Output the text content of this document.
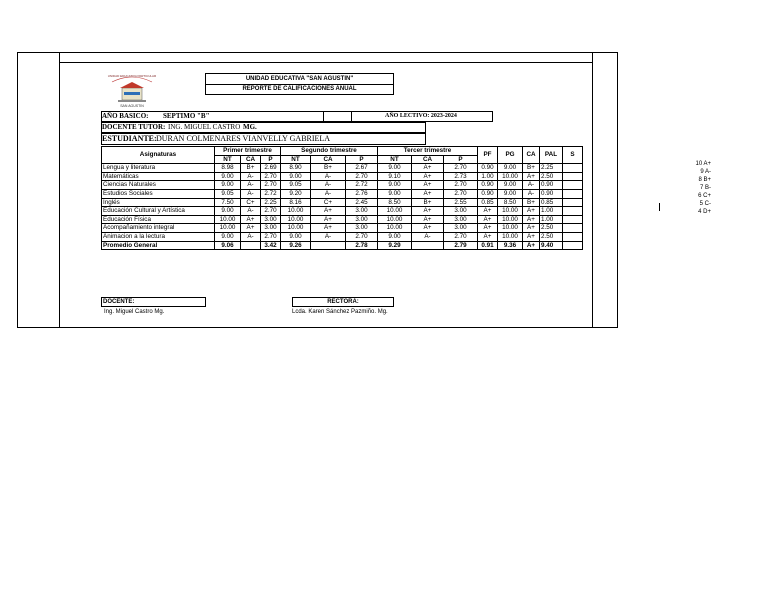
UNIDAD EDUCATIVA PARTICULAR
SAN AGUSTIN
UNIDAD EDUCATIVA "SAN AGUSTIN"
REPORTE DE CALIFICACIONES ANUAL
AÑO BASICO: SEPTIMO "B"	AÑO LECTIVO: 2023-2024
DOCENTE TUTOR: ING. MIGUEL CASTRO MG.
ESTUDIANTE: DURAN COLMENARES VIANVELLY GABRIELA
Asignaturas	Primer trimestre			Segundo trimestre			Tercer trimestre			PF	PG	CA	PAL	S
	NT	CA	P	NT	CA	P	NT	CA	P					
Lengua y literatura	8.98	B+	2.69	8.90	B+	2.67	9.00	A+	2.70	0.90	9.00	B+	2.25	
Matemáticas	9.00	A-	2.70	9.00	A-	2.70	9.10	A+	2.73	1.00	10.00	A+	2.50	
Ciencias Naturales	9.00	A-	2.70	9.05	A-	2.72	9.00	A+	2.70	0.90	9.00	A-	0.90	
Estudios Sociales	9.05	A-	2.72	9.20	A-	2.76	9.00	A+	2.70	0.90	9.00	A-	0.90	
Inglés	7.50	C+	2.25	8.16	C+	2.45	8.50	B+	2.55	0.85	8.50	B+	0.85	
Educación Cultural y Artística	9.00	A-	2.70	10.00	A+	3.00	10.00	A+	3.00	A+	10.00	A+	1.00	
Educación Física	10.00	A+	3.00	10.00	A+	3.00	10.00	A+	3.00	A+	10.00	A+	1.00	
Acompañamiento integral	10.00	A+	3.00	10.00	A+	3.00	10.00	A+	3.00	A+	10.00	A+	2.50	
Animacion a la lectura	9.00	A-	2.70	9.00	A-	2.70	9.00	A-	2.70	A+	10.00	A+	2.50	
Promedio General	9.06		3.42	9.26		2.78	9.29		2.79	0.91	9.36	A+	9.40	
10 A+
9 A-
8 B+
7 B-
6 C+
5 C-
4 D+
DOCENTE:
Ing. Miguel Castro Mg.
RECTORA:
Lcda. Karen Sánchez Pazmiño. Mg.
